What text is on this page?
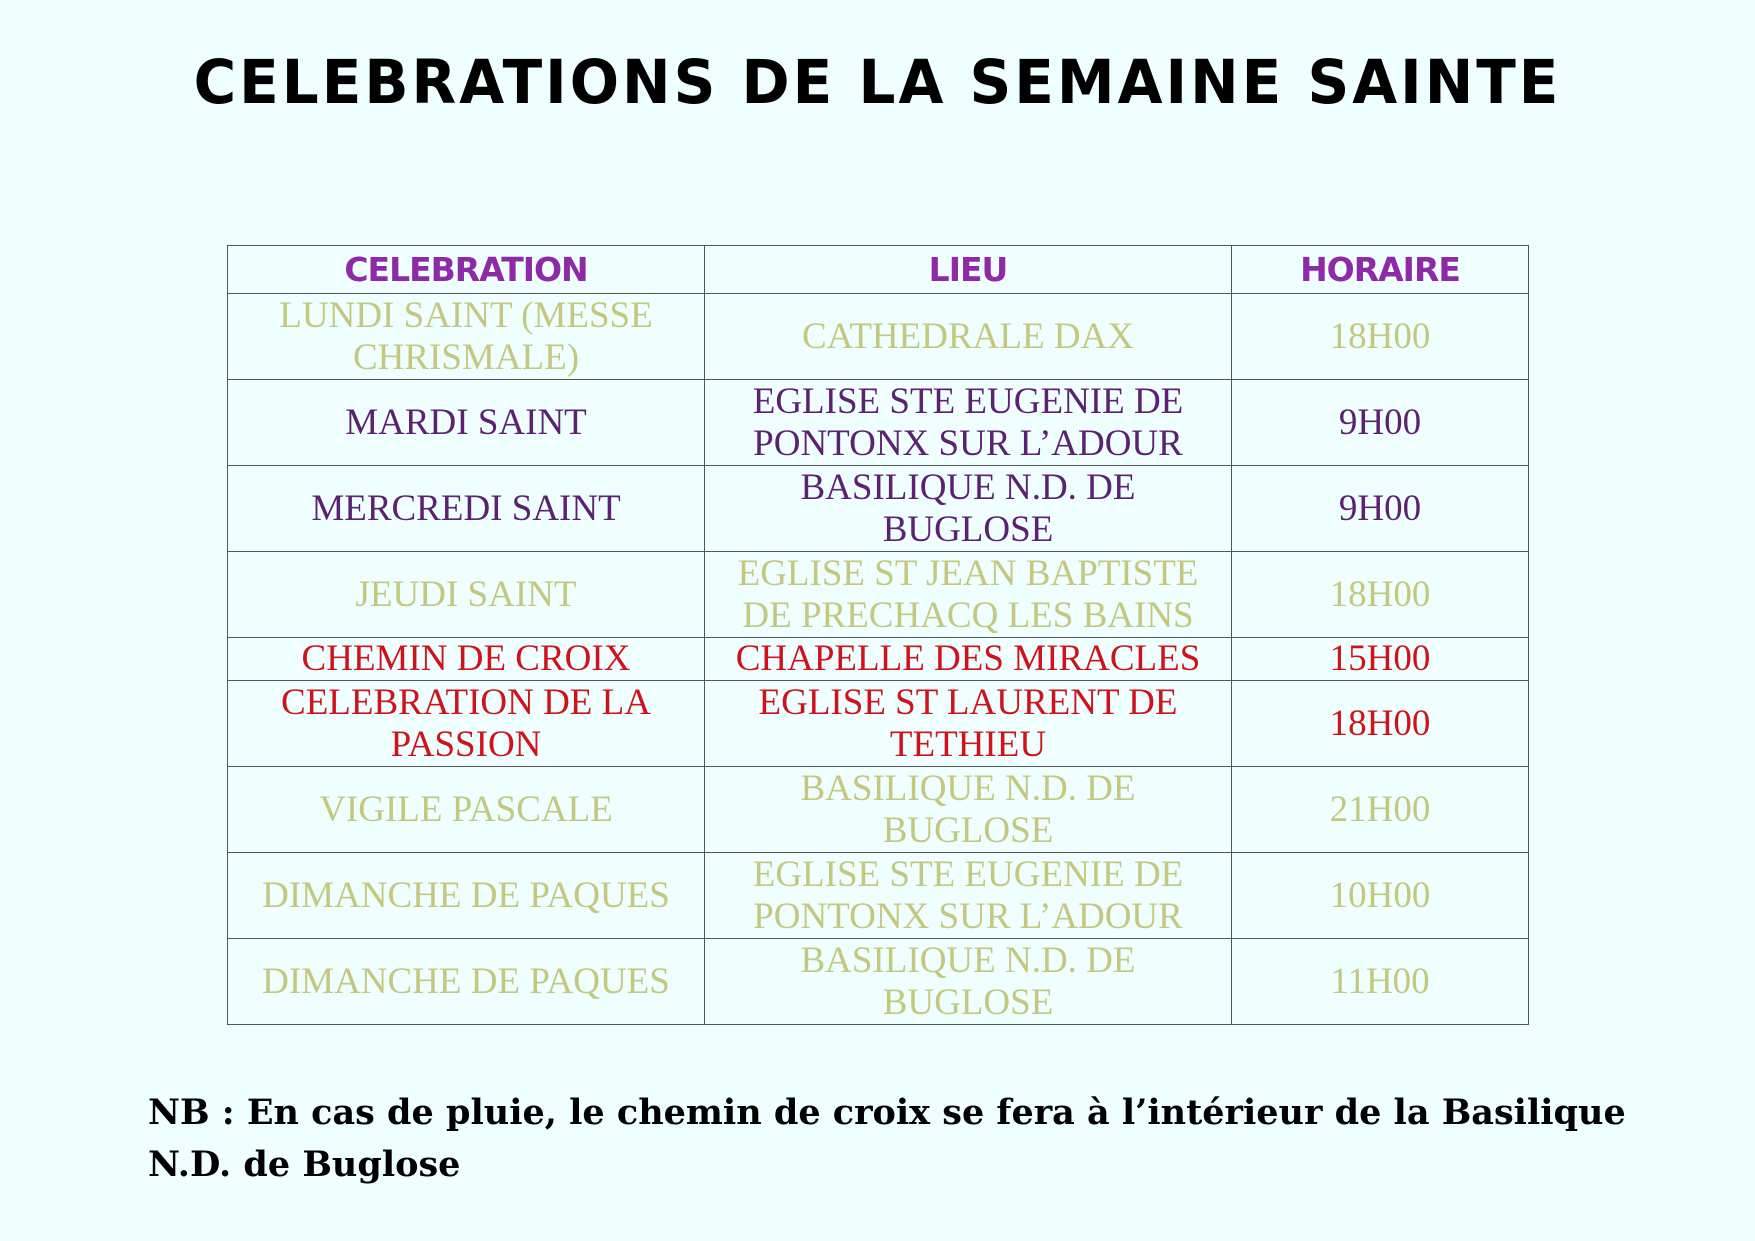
CELEBRATIONS DE LA SEMAINE SAINTE
CELEBRATION	LIEU	HORAIRE
LUNDI SAINT (MESSE CHRISMALE)	CATHEDRALE DAX	18H00
MARDI SAINT	EGLISE STE EUGENIE DE PONTONX SUR L’ADOUR	9H00
MERCREDI SAINT	BASILIQUE N.D. DE BUGLOSE	9H00
JEUDI SAINT	EGLISE ST JEAN BAPTISTE DE PRECHACQ LES BAINS	18H00
CHEMIN DE CROIX	CHAPELLE DES MIRACLES	15H00
CELEBRATION DE LA PASSION	EGLISE ST LAURENT DE TETHIEU	18H00
VIGILE PASCALE	BASILIQUE N.D. DE BUGLOSE	21H00
DIMANCHE DE PAQUES	EGLISE STE EUGENIE DE PONTONX SUR L’ADOUR	10H00
DIMANCHE DE PAQUES	BASILIQUE N.D. DE BUGLOSE	11H00
NB : En cas de pluie, le chemin de croix se fera à l’intérieur de la Basilique N.D. de Buglose
